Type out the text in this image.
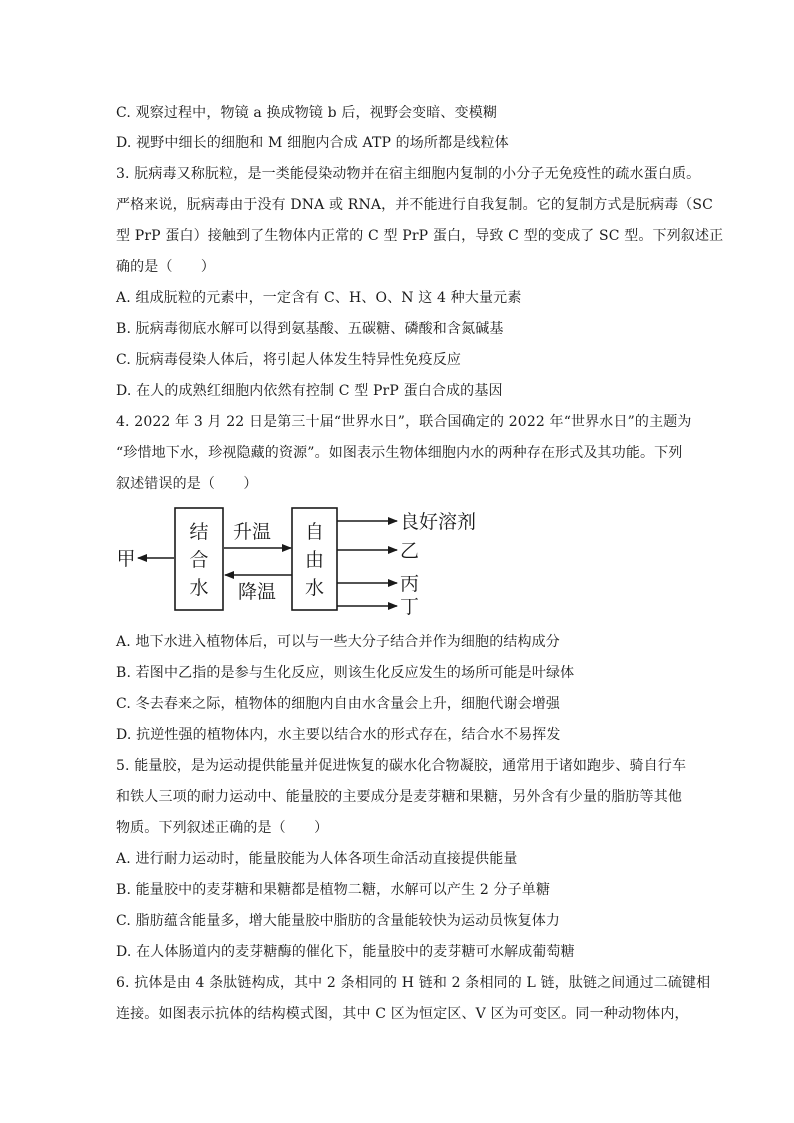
C. 观察过程中，物镜 a 换成物镜 b 后，视野会变暗、变模糊
D. 视野中细长的细胞和 M 细胞内合成 ATP 的场所都是线粒体
3. 朊病毒又称朊粒，是一类能侵染动物并在宿主细胞内复制的小分子无免疫性的疏水蛋白质。
严格来说，朊病毒由于没有 DNA 或 RNA，并不能进行自我复制。它的复制方式是朊病毒（SC
型 PrP 蛋白）接触到了生物体内正常的 C 型 PrP 蛋白，导致 C 型的变成了 SC 型。下列叙述正
确的是（　　）
A. 组成朊粒的元素中，一定含有 C、H、O、N 这 4 种大量元素
B. 朊病毒彻底水解可以得到氨基酸、五碳糖、磷酸和含氮碱基
C. 朊病毒侵染人体后，将引起人体发生特异性免疫反应
D. 在人的成熟红细胞内依然有控制 C 型 PrP 蛋白合成的基因
4. 2022 年 3 月 22 日是第三十届“世界水日”，联合国确定的 2022 年“世界水日”的主题为
“珍惜地下水，珍视隐藏的资源”。如图表示生物体细胞内水的两种存在形式及其功能。下列
叙述错误的是（　　）
结
合
水
自
由
水
升温
降温
甲
良好溶剂
乙
丙
丁
A. 地下水进入植物体后，可以与一些大分子结合并作为细胞的结构成分
B. 若图中乙指的是参与生化反应，则该生化反应发生的场所可能是叶绿体
C. 冬去春来之际，植物体的细胞内自由水含量会上升，细胞代谢会增强
D. 抗逆性强的植物体内，水主要以结合水的形式存在，结合水不易挥发
5. 能量胶，是为运动提供能量并促进恢复的碳水化合物凝胶，通常用于诸如跑步、骑自行车
和铁人三项的耐力运动中、能量胶的主要成分是麦芽糖和果糖，另外含有少量的脂肪等其他
物质。下列叙述正确的是（　　）
A. 进行耐力运动时，能量胶能为人体各项生命活动直接提供能量
B. 能量胶中的麦芽糖和果糖都是植物二糖，水解可以产生 2 分子单糖
C. 脂肪蕴含能量多，增大能量胶中脂肪的含量能较快为运动员恢复体力
D. 在人体肠道内的麦芽糖酶的催化下，能量胶中的麦芽糖可水解成葡萄糖
6. 抗体是由 4 条肽链构成，其中 2 条相同的 H 链和 2 条相同的 L 链，肽链之间通过二硫键相
连接。如图表示抗体的结构模式图，其中 C 区为恒定区、V 区为可变区。同一种动物体内，
